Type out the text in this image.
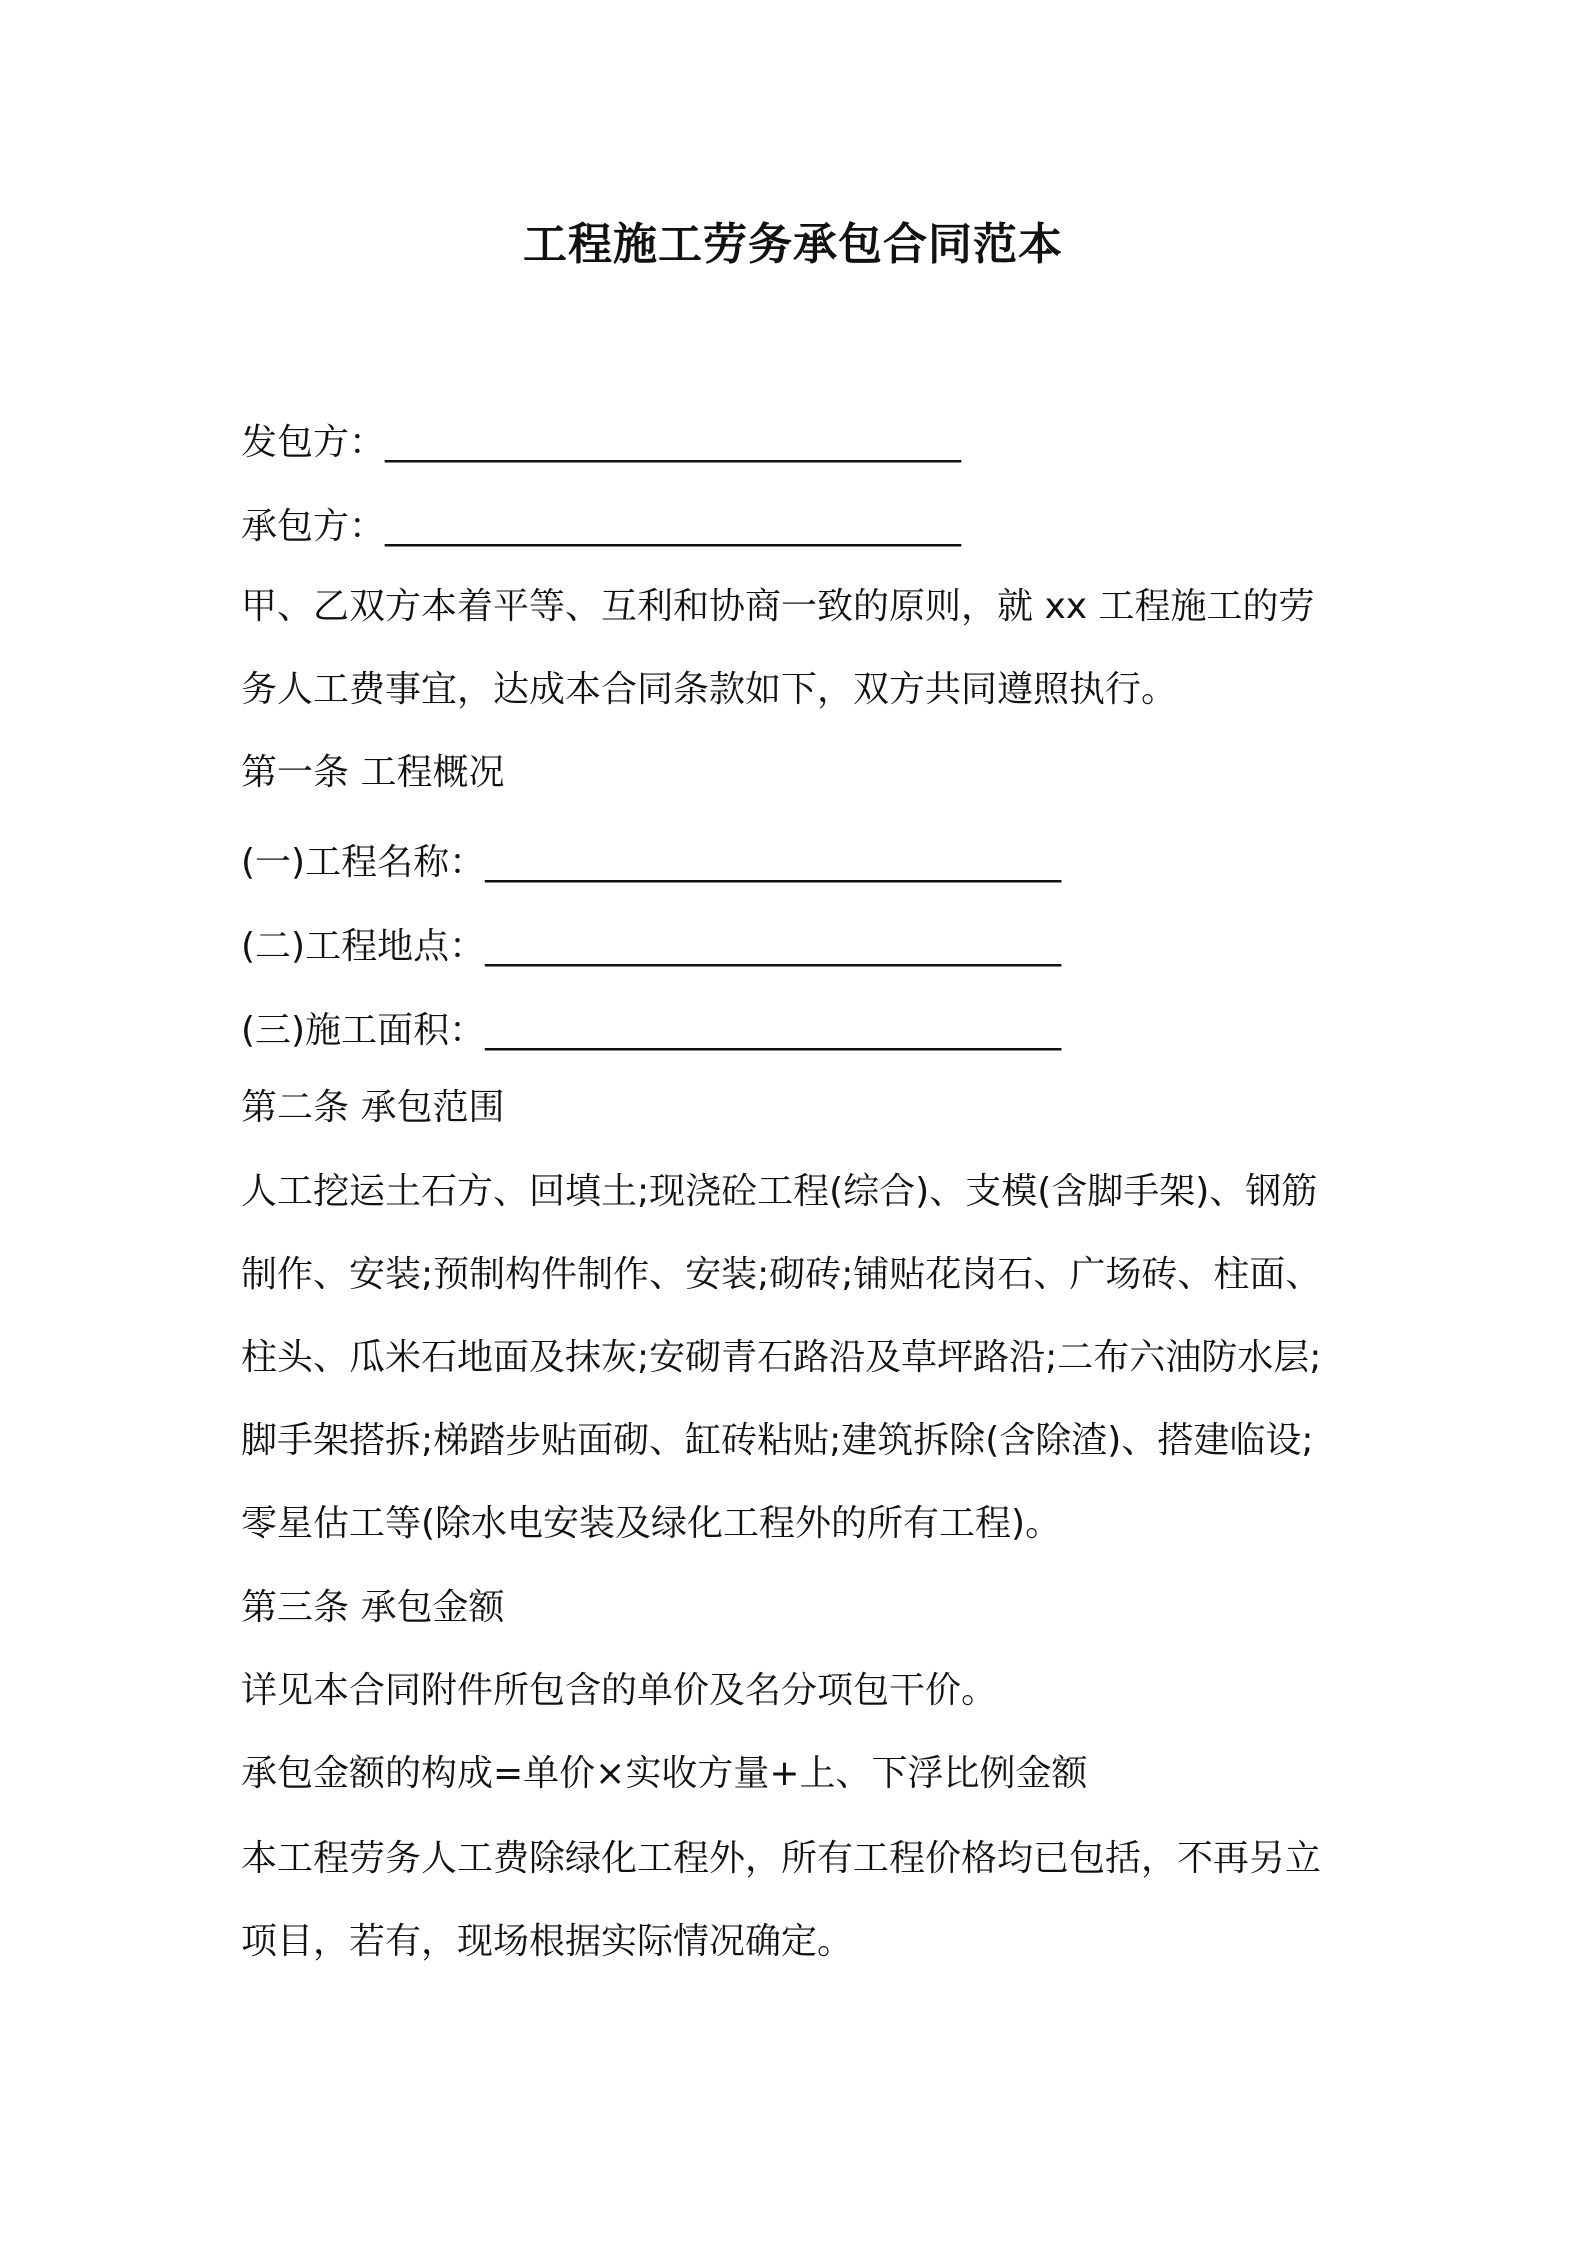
工程施工劳务承包合同范本
发包方：________________________________
承包方：________________________________
甲、乙双方本着平等、互利和协商一致的原则，就 xx 工程施工的劳
务人工费事宜，达成本合同条款如下，双方共同遵照执行。
第一条 工程概况
(一)工程名称：________________________________
(二)工程地点：________________________________
(三)施工面积：________________________________
第二条 承包范围
人工挖运土石方、回填土;现浇砼工程(综合)、支模(含脚手架)、钢筋
制作、安装;预制构件制作、安装;砌砖;铺贴花岗石、广场砖、柱面、
柱头、瓜米石地面及抹灰;安砌青石路沿及草坪路沿;二布六油防水层;
脚手架搭拆;梯踏步贴面砌、缸砖粘贴;建筑拆除(含除渣)、搭建临设;
零星估工等(除水电安装及绿化工程外的所有工程)。
第三条 承包金额
详见本合同附件所包含的单价及名分项包干价。
承包金额的构成=单价×实收方量+上、下浮比例金额
本工程劳务人工费除绿化工程外，所有工程价格均已包括，不再另立
项目，若有，现场根据实际情况确定。
